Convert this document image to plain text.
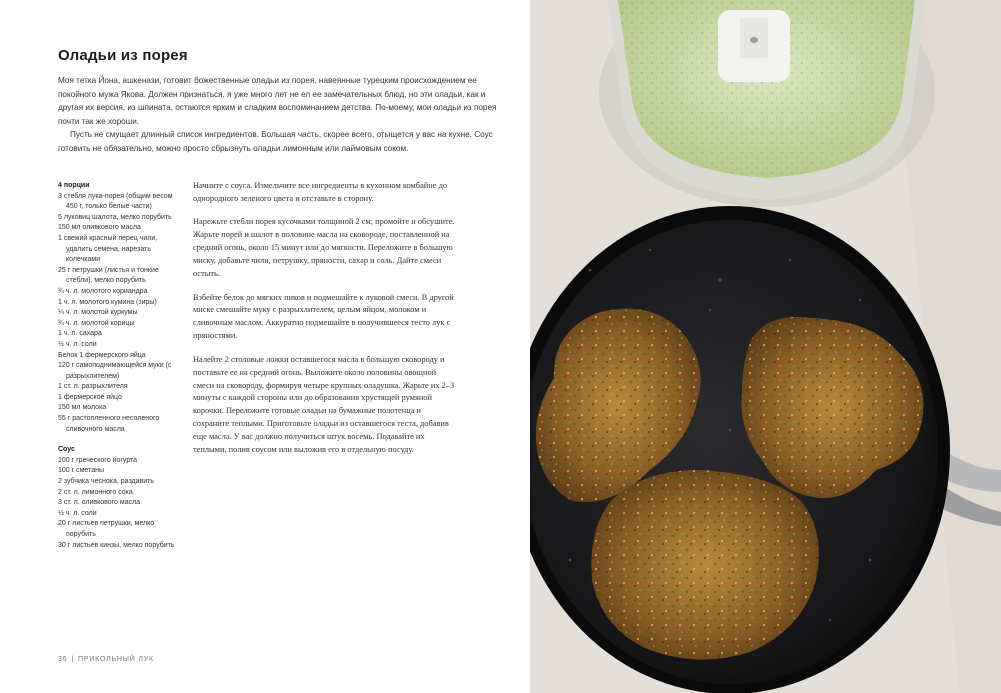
Оладьи из порея

Моя тетка Йона, ашкенази, готовит божественные оладьи из порея, навеянные турецким происхождением ее покойного мужа Якова. Должен признаться, я уже много лет не ел ее замечательных блюд, но эти оладьи, как и другая их версия, из шпината, остаются ярким и сладким воспоминанием детства. По-моему, мои оладьи из порея почти так же хороши.

Пусть не смущает длинный список ингредиентов. Большая часть, скорее всего, отыщется у вас на кухне. Соус готовить не обязательно, можно просто сбрызнуть оладьи лимонным или лаймовым соком.

4 порции
3 стебля лука-порея (общим весом 450 г, только белые части)
5 луковиц шалота, мелко порубить
150 мл оливкового масла
1 свежий красный перец чили, удалить семена, нарезать колечками
25 г петрушки (листья и тонкие стебли), мелко порубить
¾ ч. л. молотого кориандра
1 ч. л. молотого кумина (зиры)
¼ ч. л. молотой куркумы
¾ ч. л. молотой корицы
1 ч. л. сахара
½ ч. л. соли
Белок 1 фермерского яйца
120 г самоподнимающейся муки (с разрыхлителем)
1 ст. л. разрыхлителя
1 фермерское яйцо
150 мл молока
55 г растопленного несоленого сливочного масла
Соус
100 г греческого йогурта
100 г сметаны
2 зубчика чеснока, раздавить
2 ст. л. лимонного сока
3 ст. л. оливкового масла
½ ч. л. соли
20 г листьев петрушки, мелко порубить
30 г листьев кинзы, мелко порубить

Начните с соуса. Измельчите все ингредиенты в кухонном комбайне до однородного зеленого цвета и отставьте в сторону.

Нарежьте стебли порея кусочками толщиной 2 см; промойте и обсушите. Жарьте порей и шалот в половине масла на сковороде, поставленной на средний огонь, около 15 минут или до мягкости. Переложите в большую миску, добавьте чили, петрушку, пряности, сахар и соль. Дайте смеси остыть.

Взбейте белок до мягких пиков и подмешайте к луковой смеси. В другой миске смешайте муку с разрыхлителем, целым яйцом, молоком и сливочным маслом. Аккуратно подмешайте в получившееся тесто лук с пряностями.

Налейте 2 столовые ложки оставшегося масла в большую сковороду и поставьте ее на средний огонь. Выложите около половины овощной смеси на сковороду, формируя четыре крупных оладушка. Жарьте их 2–3 минуты с каждой стороны или до образования хрустящей румяной корочки. Переложите готовые оладьи на бумажные полотенца и сохраните теплыми. Приготовьте оладьи из оставшегося теста, добавив еще масла. У вас должно получиться штук восемь. Подавайте их теплыми, полив соусом или выложив его в отдельную посуду.

36 | ПРИКОЛЬНЫЙ ЛУК
